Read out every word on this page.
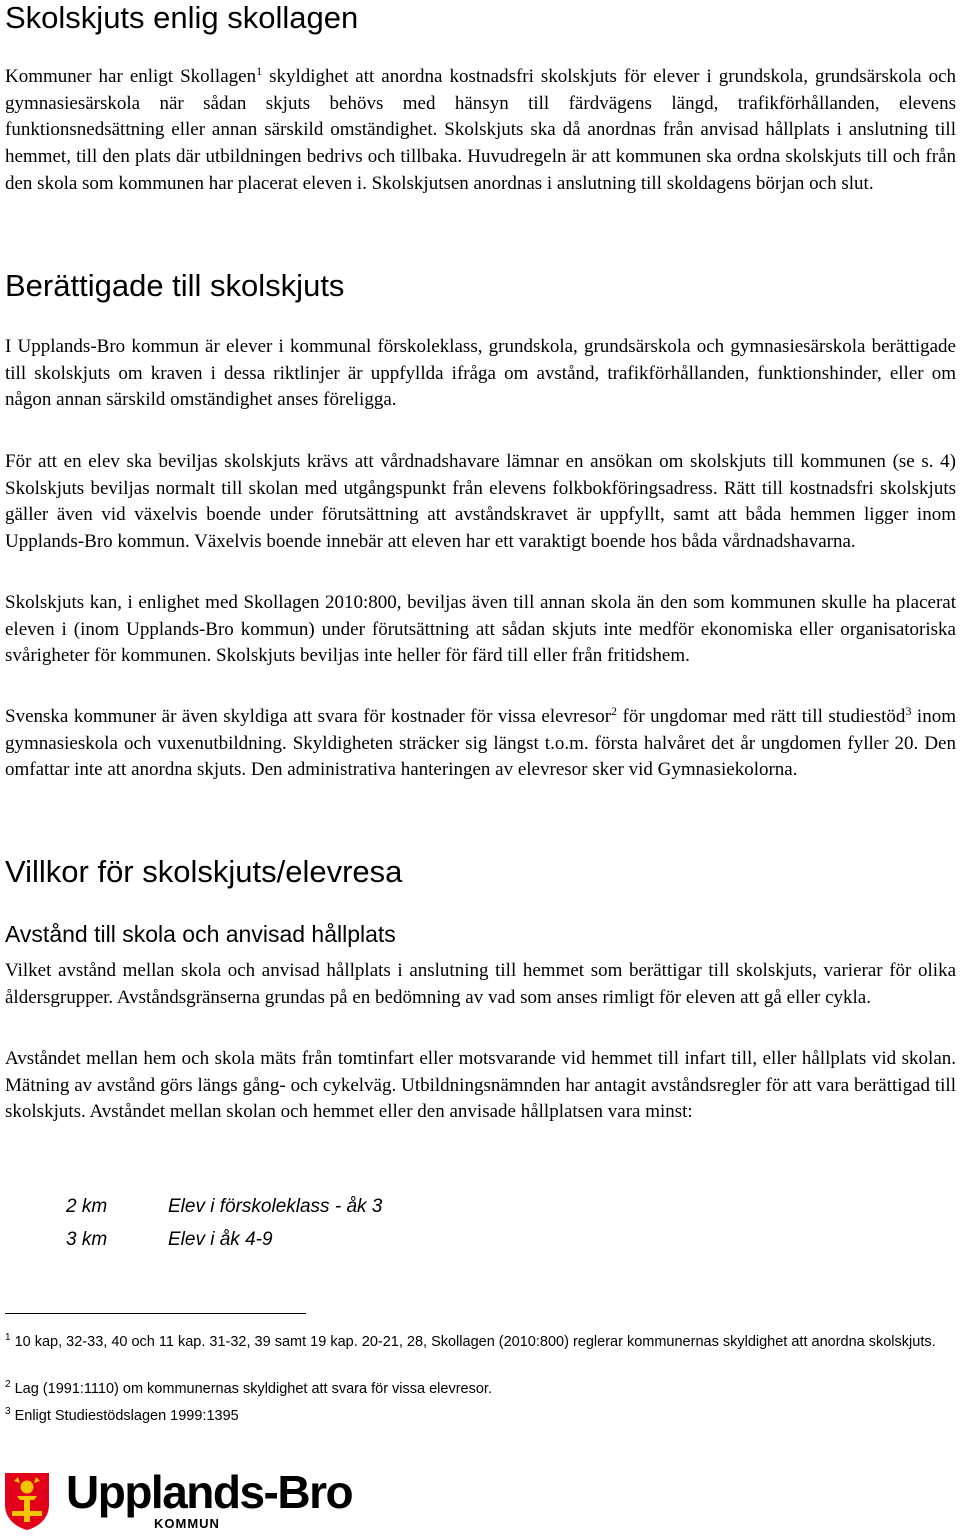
Skolskjuts enlig skollagen

Kommuner har enligt Skollagen$^1$ skyldighet att anordna kostnadsfri skolskjuts för elever i grundskola, grundsärskola och gymnasiesärskola när sådan skjuts behövs med hänsyn till färdvägens längd, trafikförhållanden, elevens funktionsnedsättning eller annan särskild omständighet. Skolskjuts ska då anordnas från anvisad hållplats i anslutning till hemmet, till den plats där utbildningen bedrivs och tillbaka. Huvudregeln är att kommunen ska ordna skolskjuts till och från den skola som kommunen har placerat eleven i. Skolskjutsen anordnas i anslutning till skoldagens början och slut.

Berättigade till skolskjuts

I Upplands-Bro kommun är elever i kommunal förskoleklass, grundskola, grundsärskola och gymnasiesärskola berättigade till skolskjuts om kraven i dessa riktlinjer är uppfyllda ifråga om avstånd, trafikförhållanden, funktionshinder, eller om någon annan särskild omständighet anses föreligga.

För att en elev ska beviljas skolskjuts krävs att vårdnadshavare lämnar en ansökan om skolskjuts till kommunen (se s. 4) Skolskjuts beviljas normalt till skolan med utgångspunkt från elevens folkbokföringsadress. Rätt till kostnadsfri skolskjuts gäller även vid växelvis boende under förutsättning att avståndskravet är uppfyllt, samt att båda hemmen ligger inom Upplands-Bro kommun. Växelvis boende innebär att eleven har ett varaktigt boende hos båda vårdnadshavarna.

Skolskjuts kan, i enlighet med Skollagen 2010:800, beviljas även till annan skola än den som kommunen skulle ha placerat eleven i (inom Upplands-Bro kommun) under förutsättning att sådan skjuts inte medför ekonomiska eller organisatoriska svårigheter för kommunen. Skolskjuts beviljas inte heller för färd till eller från fritidshem.

Svenska kommuner är även skyldiga att svara för kostnader för vissa elevresor$^2$ för ungdomar med rätt till studiestöd$^3$ inom gymnasieskola och vuxenutbildning. Skyldigheten sträcker sig längst t.o.m. första halvåret det år ungdomen fyller 20. Den omfattar inte att anordna skjuts. Den administrativa hanteringen av elevresor sker vid Gymnasiekolorna.

Villkor för skolskjuts/elevresa
Avstånd till skola och anvisad hållplats

Vilket avstånd mellan skola och anvisad hållplats i anslutning till hemmet som berättigar till skolskjuts, varierar för olika åldersgrupper. Avståndsgränserna grundas på en bedömning av vad som anses rimligt för eleven att gå eller cykla.

Avståndet mellan hem och skola mäts från tomtinfart eller motsvarande vid hemmet till infart till, eller hållplats vid skolan. Mätning av avstånd görs längs gång- och cykelväg. Utbildningsnämnden har antagit avståndsregler för att vara berättigad till skolskjuts. Avståndet mellan skolan och hemmet eller den anvisade hållplatsen vara minst:

2 km	Elev i förskoleklass - åk 3
3 km	Elev i åk 4-9
$^1$ 10 kap, 32-33, 40 och 11 kap. 31-32, 39 samt 19 kap. 20-21, 28, Skollagen (2010:800) reglerar kommunernas skyldighet att anordna skolskjuts.
$^2$ Lag (1991:1110) om kommunernas skyldighet att svara för vissa elevresor.
$^3$ Enligt Studiestödslagen 1999:1395
Upplands-Bro
KOMMUN
